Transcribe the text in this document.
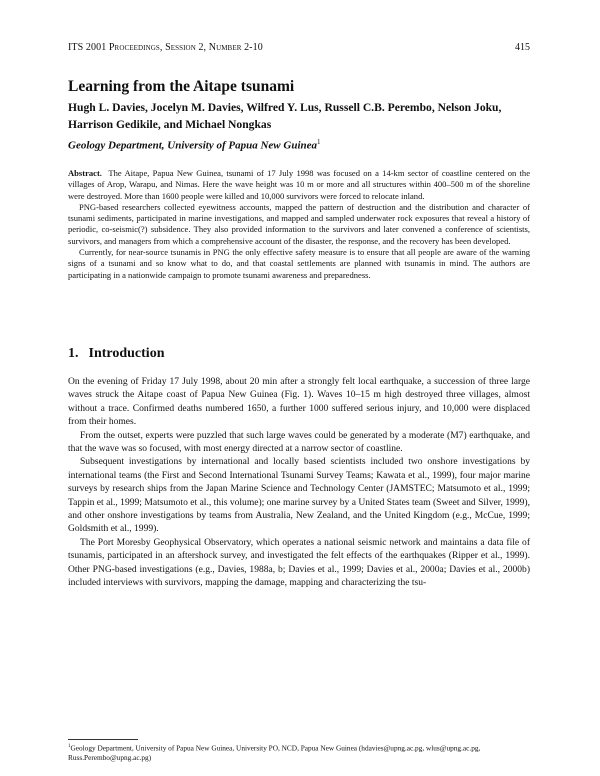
ITS 2001 Proceedings, Session 2, Number 2-10	415
Learning from the Aitape tsunami

Hugh L. Davies, Jocelyn M. Davies, Wilfred Y. Lus, Russell C.B. Perembo, Nelson Joku, Harrison Gedikile, and Michael Nongkas

Geology Department, University of Papua New Guinea$^1$

Abstract. The Aitape, Papua New Guinea, tsunami of 17 July 1998 was focused on a 14-km sector of coastline centered on the villages of Arop, Warapu, and Nimas. Here the wave height was 10 m or more and all structures within 400–500 m of the shoreline were destroyed. More than 1600 people were killed and 10,000 survivors were forced to relocate inland.

PNG-based researchers collected eyewitness accounts, mapped the pattern of destruction and the distribution and character of tsunami sediments, participated in marine investigations, and mapped and sampled underwater rock exposures that reveal a history of periodic, co-seismic(?) subsidence. They also provided information to the survivors and later convened a conference of scientists, survivors, and managers from which a comprehensive account of the disaster, the response, and the recovery has been developed.

Currently, for near-source tsunamis in PNG the only effective safety measure is to ensure that all people are aware of the warning signs of a tsunami and so know what to do, and that coastal settlements are planned with tsunamis in mind. The authors are participating in a nationwide campaign to promote tsunami awareness and preparedness.

1. Introduction

On the evening of Friday 17 July 1998, about 20 min after a strongly felt local earthquake, a succession of three large waves struck the Aitape coast of Papua New Guinea (Fig. 1). Waves 10–15 m high destroyed three villages, almost without a trace. Confirmed deaths numbered 1650, a further 1000 suffered serious injury, and 10,000 were displaced from their homes.

From the outset, experts were puzzled that such large waves could be generated by a moderate (M7) earthquake, and that the wave was so focused, with most energy directed at a narrow sector of coastline.

Subsequent investigations by international and locally based scientists included two onshore investigations by international teams (the First and Second International Tsunami Survey Teams; Kawata et al., 1999), four major marine surveys by research ships from the Japan Marine Science and Technology Center (JAMSTEC; Matsumoto et al., 1999; Tappin et al., 1999; Matsumoto et al., this volume); one marine survey by a United States team (Sweet and Silver, 1999), and other onshore investigations by teams from Australia, New Zealand, and the United Kingdom (e.g., McCue, 1999; Goldsmith et al., 1999).

The Port Moresby Geophysical Observatory, which operates a national seismic network and maintains a data file of tsunamis, participated in an aftershock survey, and investigated the felt effects of the earthquakes (Ripper et al., 1999). Other PNG-based investigations (e.g., Davies, 1988a, b; Davies et al., 1999; Davies et al., 2000a; Davies et al., 2000b) included interviews with survivors, mapping the damage, mapping and characterizing the tsu-

$^1$Geology Department, University of Papua New Guinea, University PO, NCD, Papua New Guinea (hdavies@upng.ac.pg, wlus@upng.ac.pg, Russ.Perembo@upng.ac.pg)
